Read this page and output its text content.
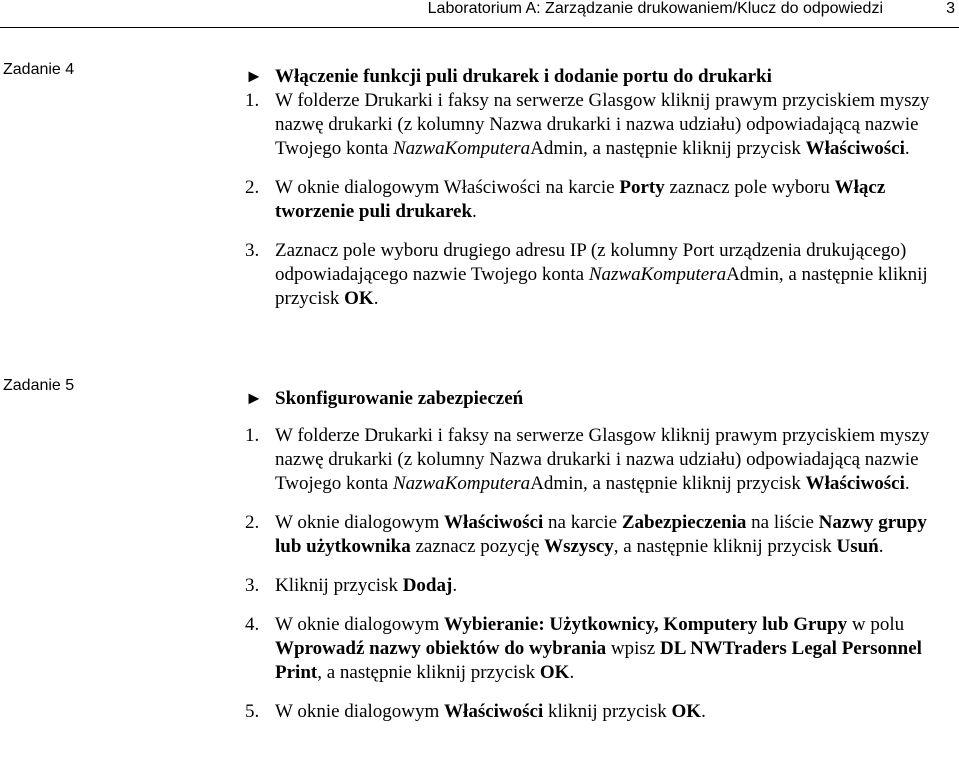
Laboratorium A: Zarządzanie drukowaniem/Klucz do odpowiedzi	3
Zadanie 4	► Włączenie funkcji puli drukarek i dodanie portu do drukarki
1. W folderze Drukarki i faksy na serwerze Glasgow kliknij prawym przyciskiem myszy nazwę drukarki (z kolumny Nazwa drukarki i nazwa udziału) odpowiadającą nazwie Twojego konta NazwaKomputeraAdmin, a następnie kliknij przycisk Właściwości.
2. W oknie dialogowym Właściwości na karcie Porty zaznacz pole wyboru Włącz tworzenie puli drukarek.
3. Zaznacz pole wyboru drugiego adresu IP (z kolumny Port urządzenia drukującego) odpowiadającego nazwie Twojego konta NazwaKomputeraAdmin, a następnie kliknij przycisk OK.
Zadanie 5
► Skonfigurowanie zabezpieczeń
1. W folderze Drukarki i faksy na serwerze Glasgow kliknij prawym przyciskiem myszy nazwę drukarki (z kolumny Nazwa drukarki i nazwa udziału) odpowiadającą nazwie Twojego konta NazwaKomputeraAdmin, a następnie kliknij przycisk Właściwości.
2. W oknie dialogowym Właściwości na karcie Zabezpieczenia na liście Nazwy grupy lub użytkownika zaznacz pozycję Wszyscy, a następnie kliknij przycisk Usuń.
3. Kliknij przycisk Dodaj.
4. W oknie dialogowym Wybieranie: Użytkownicy, Komputery lub Grupy w polu Wprowadź nazwy obiektów do wybrania wpisz DL NWTraders Legal Personnel Print, a następnie kliknij przycisk OK.
5. W oknie dialogowym Właściwości kliknij przycisk OK.
